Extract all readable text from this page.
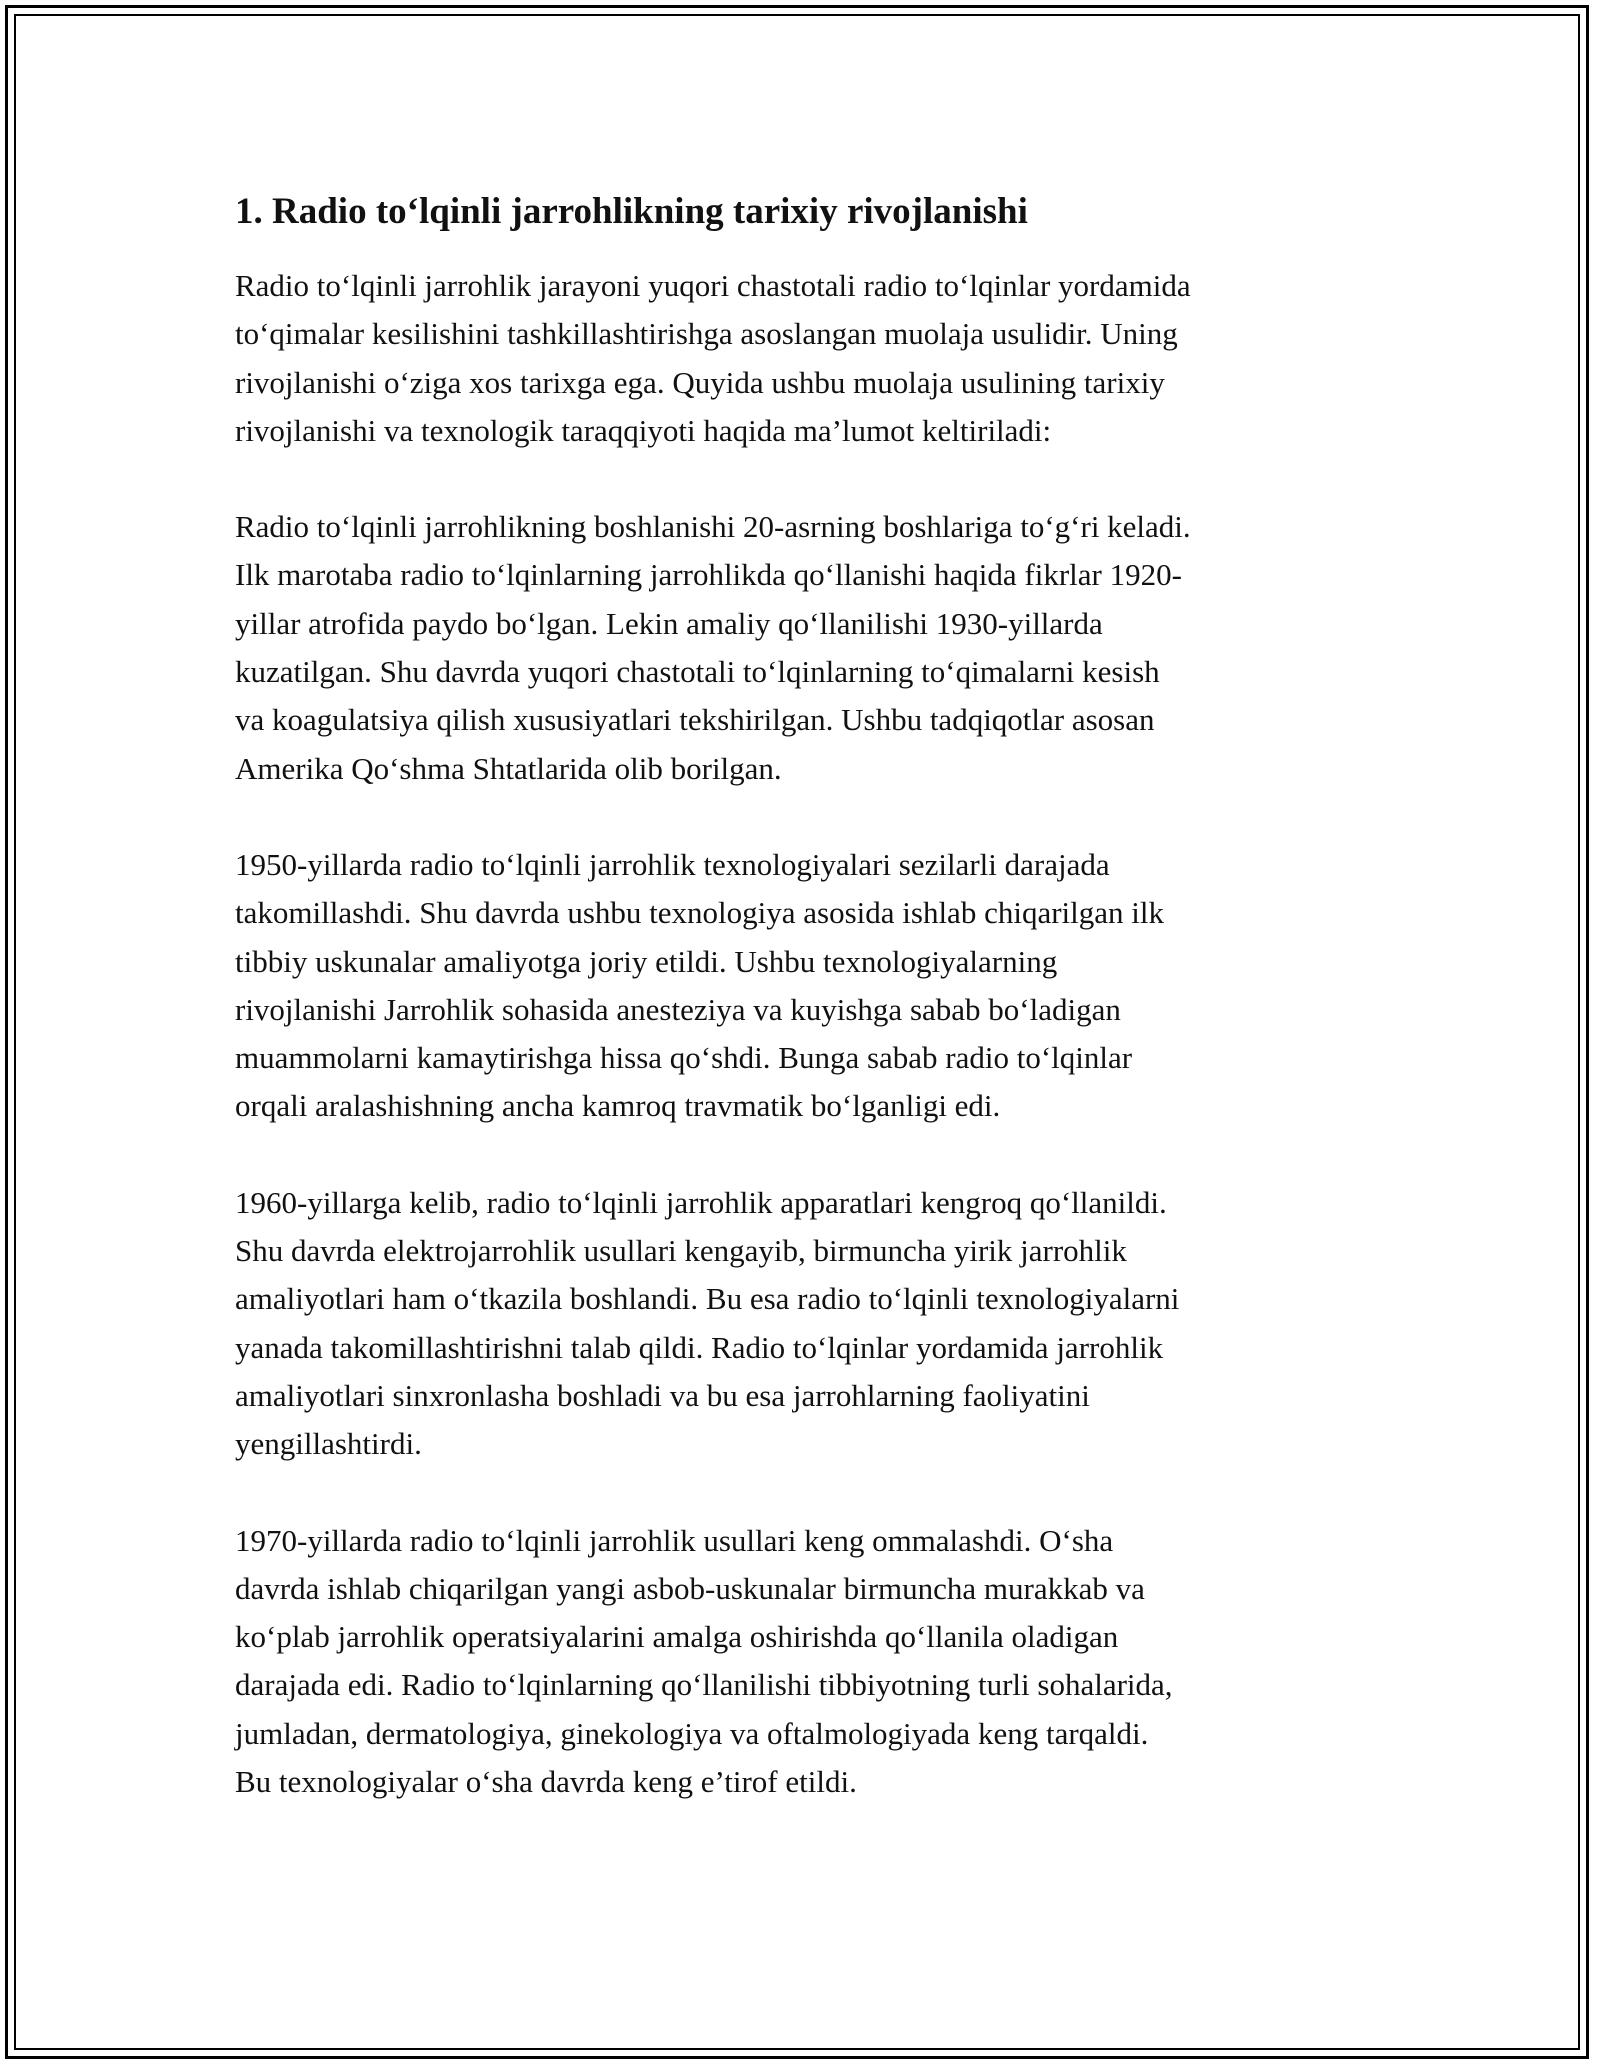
1. Radio to‘lqinli jarrohlikning tarixiy rivojlanishi

Radio to‘lqinli jarrohlik jarayoni yuqori chastotali radio to‘lqinlar yordamida
to‘qimalar kesilishini tashkillashtirishga asoslangan muolaja usulidir. Uning
rivojlanishi o‘ziga xos tarixga ega. Quyida ushbu muolaja usulining tarixiy
rivojlanishi va texnologik taraqqiyoti haqida ma’lumot keltiriladi:

Radio to‘lqinli jarrohlikning boshlanishi 20-asrning boshlariga to‘g‘ri keladi.
Ilk marotaba radio to‘lqinlarning jarrohlikda qo‘llanishi haqida fikrlar 1920-
yillar atrofida paydo bo‘lgan. Lekin amaliy qo‘llanilishi 1930-yillarda
kuzatilgan. Shu davrda yuqori chastotali to‘lqinlarning to‘qimalarni kesish
va koagulatsiya qilish xususiyatlari tekshirilgan. Ushbu tadqiqotlar asosan
Amerika Qo‘shma Shtatlarida olib borilgan.

1950-yillarda radio to‘lqinli jarrohlik texnologiyalari sezilarli darajada
takomillashdi. Shu davrda ushbu texnologiya asosida ishlab chiqarilgan ilk
tibbiy uskunalar amaliyotga joriy etildi. Ushbu texnologiyalarning
rivojlanishi Jarrohlik sohasida anesteziya va kuyishga sabab bo‘ladigan
muammolarni kamaytirishga hissa qo‘shdi. Bunga sabab radio to‘lqinlar
orqali aralashishning ancha kamroq travmatik bo‘lganligi edi.

1960-yillarga kelib, radio to‘lqinli jarrohlik apparatlari kengroq qo‘llanildi.
Shu davrda elektrojarrohlik usullari kengayib, birmuncha yirik jarrohlik
amaliyotlari ham o‘tkazila boshlandi. Bu esa radio to‘lqinli texnologiyalarni
yanada takomillashtirishni talab qildi. Radio to‘lqinlar yordamida jarrohlik
amaliyotlari sinxronlasha boshladi va bu esa jarrohlarning faoliyatini
yengillashtirdi.

1970-yillarda radio to‘lqinli jarrohlik usullari keng ommalashdi. O‘sha
davrda ishlab chiqarilgan yangi asbob-uskunalar birmuncha murakkab va
ko‘plab jarrohlik operatsiyalarini amalga oshirishda qo‘llanila oladigan
darajada edi. Radio to‘lqinlarning qo‘llanilishi tibbiyotning turli sohalarida,
jumladan, dermatologiya, ginekologiya va oftalmologiyada keng tarqaldi.
Bu texnologiyalar o‘sha davrda keng e’tirof etildi.
